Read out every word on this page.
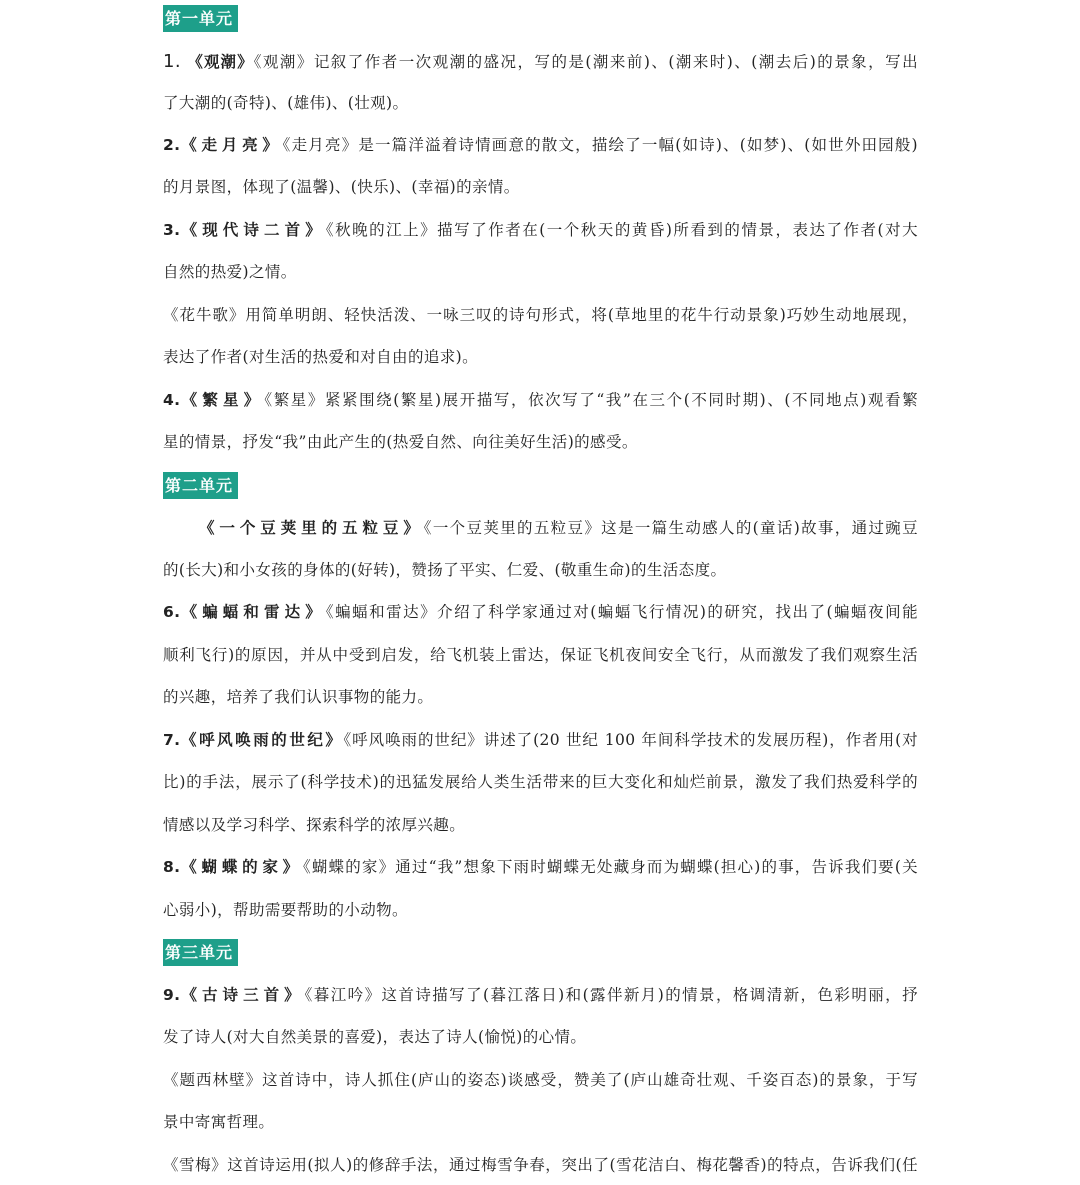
第一单元
1. 《观潮》《观潮》记叙了作者一次观潮的盛况，写的是(潮来前)、(潮来时)、(潮去后)的景象，写出
了大潮的(奇特)、(雄伟)、(壮观)。
2.《走月亮》《走月亮》是一篇洋溢着诗情画意的散文，描绘了一幅(如诗)、(如梦)、(如世外田园般)
的月景图，体现了(温馨)、(快乐)、(幸福)的亲情。
3.《现代诗二首》《秋晚的江上》描写了作者在(一个秋天的黄昏)所看到的情景，表达了作者(对大
自然的热爱)之情。
《花牛歌》用简单明朗、轻快活泼、一咏三叹的诗句形式，将(草地里的花牛行动景象)巧妙生动地展现，
表达了作者(对生活的热爱和对自由的追求)。
4.《繁星》《繁星》紧紧围绕(繁星)展开描写，依次写了“我”在三个(不同时期)、(不同地点)观看繁
星的情景，抒发“我”由此产生的(热爱自然、向往美好生活)的感受。
第二单元
《一个豆荚里的五粒豆》《一个豆荚里的五粒豆》这是一篇生动感人的(童话)故事，通过豌豆
的(长大)和小女孩的身体的(好转)，赞扬了平实、仁爱、(敬重生命)的生活态度。
6.《蝙蝠和雷达》《蝙蝠和雷达》介绍了科学家通过对(蝙蝠飞行情况)的研究，找出了(蝙蝠夜间能
顺利飞行)的原因，并从中受到启发，给飞机装上雷达，保证飞机夜间安全飞行，从而激发了我们观察生活
的兴趣，培养了我们认识事物的能力。
7.《呼风唤雨的世纪》《呼风唤雨的世纪》讲述了(20 世纪 100 年间科学技术的发展历程)，作者用(对
比)的手法，展示了(科学技术)的迅猛发展给人类生活带来的巨大变化和灿烂前景，激发了我们热爱科学的
情感以及学习科学、探索科学的浓厚兴趣。
8.《蝴蝶的家》《蝴蝶的家》通过“我”想象下雨时蝴蝶无处藏身而为蝴蝶(担心)的事，告诉我们要(关
心弱小)，帮助需要帮助的小动物。
第三单元
9.《古诗三首》《暮江吟》这首诗描写了(暮江落日)和(露伴新月)的情景，格调清新，色彩明丽，抒
发了诗人(对大自然美景的喜爱)，表达了诗人(愉悦)的心情。
《题西林壁》这首诗中，诗人抓住(庐山的姿态)谈感受，赞美了(庐山雄奇壮观、千姿百态)的景象，于写
景中寄寓哲理。
《雪梅》这首诗运用(拟人)的修辞手法，通过梅雪争春，突出了(雪花洁白、梅花馨香)的特点，告诉我们(任
